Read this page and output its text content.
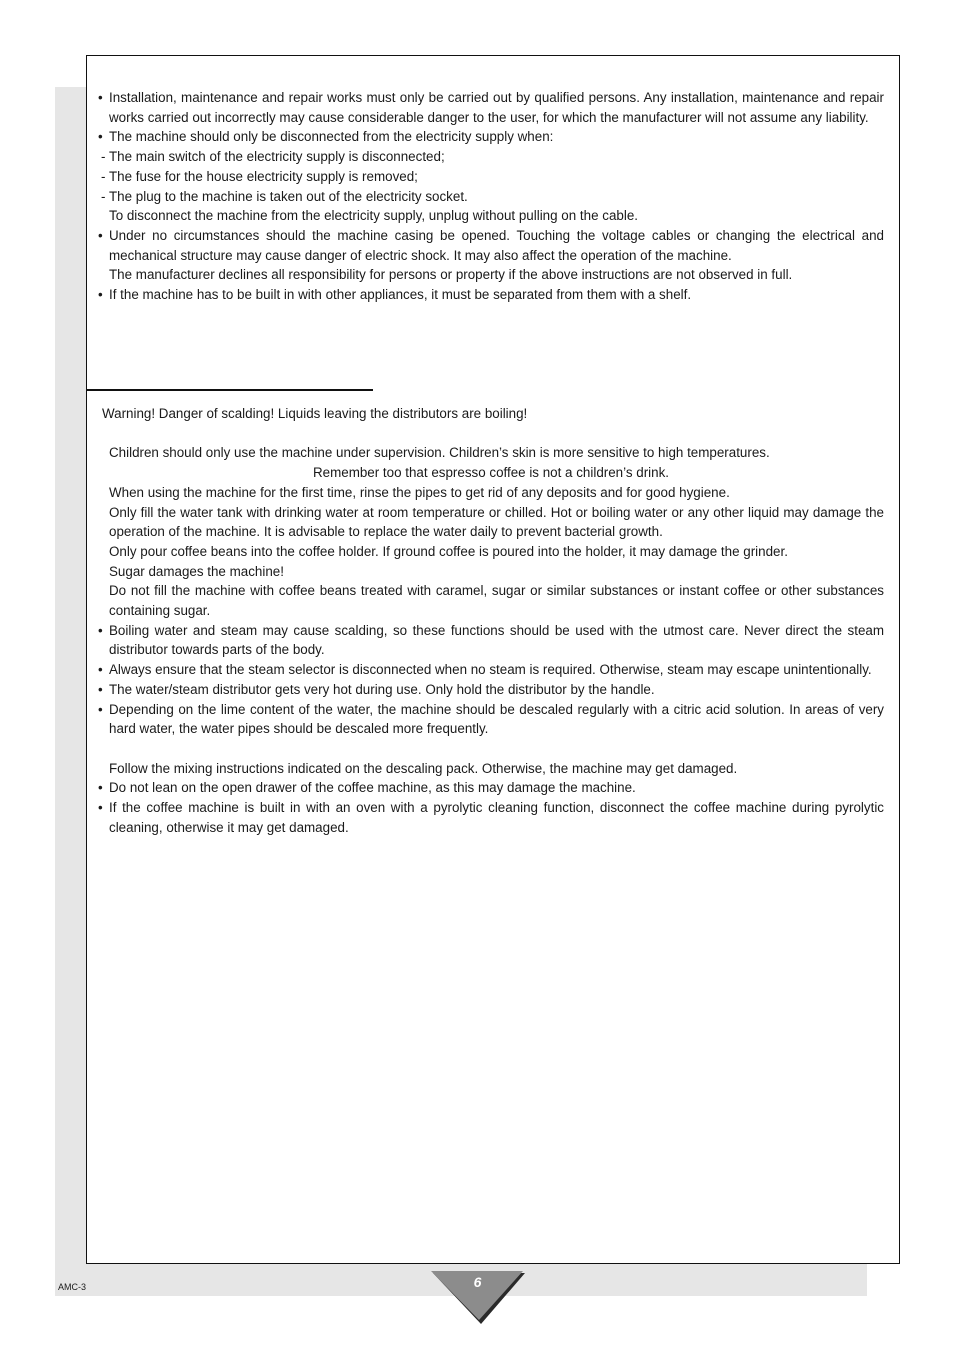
• Installation, maintenance and repair works must only be carried out by qualified persons. Any installation, maintenance and repair works carried out incorrectly may cause considerable danger to the user, for which the manufacturer will not assume any liability.
• The machine should only be disconnected from the electricity supply when:
- The main switch of the electricity supply is disconnected;
- The fuse for the house electricity supply is removed;
- The plug to the machine is taken out of the electricity socket.
To disconnect the machine from the electricity supply, unplug without pulling on the cable.
• Under no circumstances should the machine casing be opened. Touching the voltage cables or changing the electrical and mechanical structure may cause danger of electric shock. It may also affect the operation of the machine.
The manufacturer declines all responsibility for persons or property if the above instructions are not observed in full.
• If the machine has to be built in with other appliances, it must be separated from them with a shelf.
Warning! Danger of scalding! Liquids leaving the distributors are boiling!
Children should only use the machine under supervision. Children’s skin is more sensitive to high temperatures.
Remember too that espresso coffee is not a children’s drink.
When using the machine for the first time, rinse the pipes to get rid of any deposits and for good hygiene.
Only fill the water tank with drinking water at room temperature or chilled. Hot or boiling water or any other liquid may damage the operation of the machine. It is advisable to replace the water daily to prevent bacterial growth.
Only pour coffee beans into the coffee holder. If ground coffee is poured into the holder, it may damage the grinder.
Sugar damages the machine!
Do not fill the machine with coffee beans treated with caramel, sugar or similar substances or instant coffee or other substances containing sugar.
• Boiling water and steam may cause scalding, so these functions should be used with the utmost care. Never direct the steam distributor towards parts of the body.
• Always ensure that the steam selector is disconnected when no steam is required. Otherwise, steam may escape unintentionally.
• The water/steam distributor gets very hot during use. Only hold the distributor by the handle.
• Depending on the lime content of the water, the machine should be descaled regularly with a citric acid solution. In areas of very hard water, the water pipes should be descaled more frequently.
Follow the mixing instructions indicated on the descaling pack. Otherwise, the machine may get damaged.
• Do not lean on the open drawer of the coffee machine, as this may damage the machine.
• If the coffee machine is built in with an oven with a pyrolytic cleaning function, disconnect the coffee machine during pyrolytic cleaning, otherwise it may get damaged.
AMC-3	6
